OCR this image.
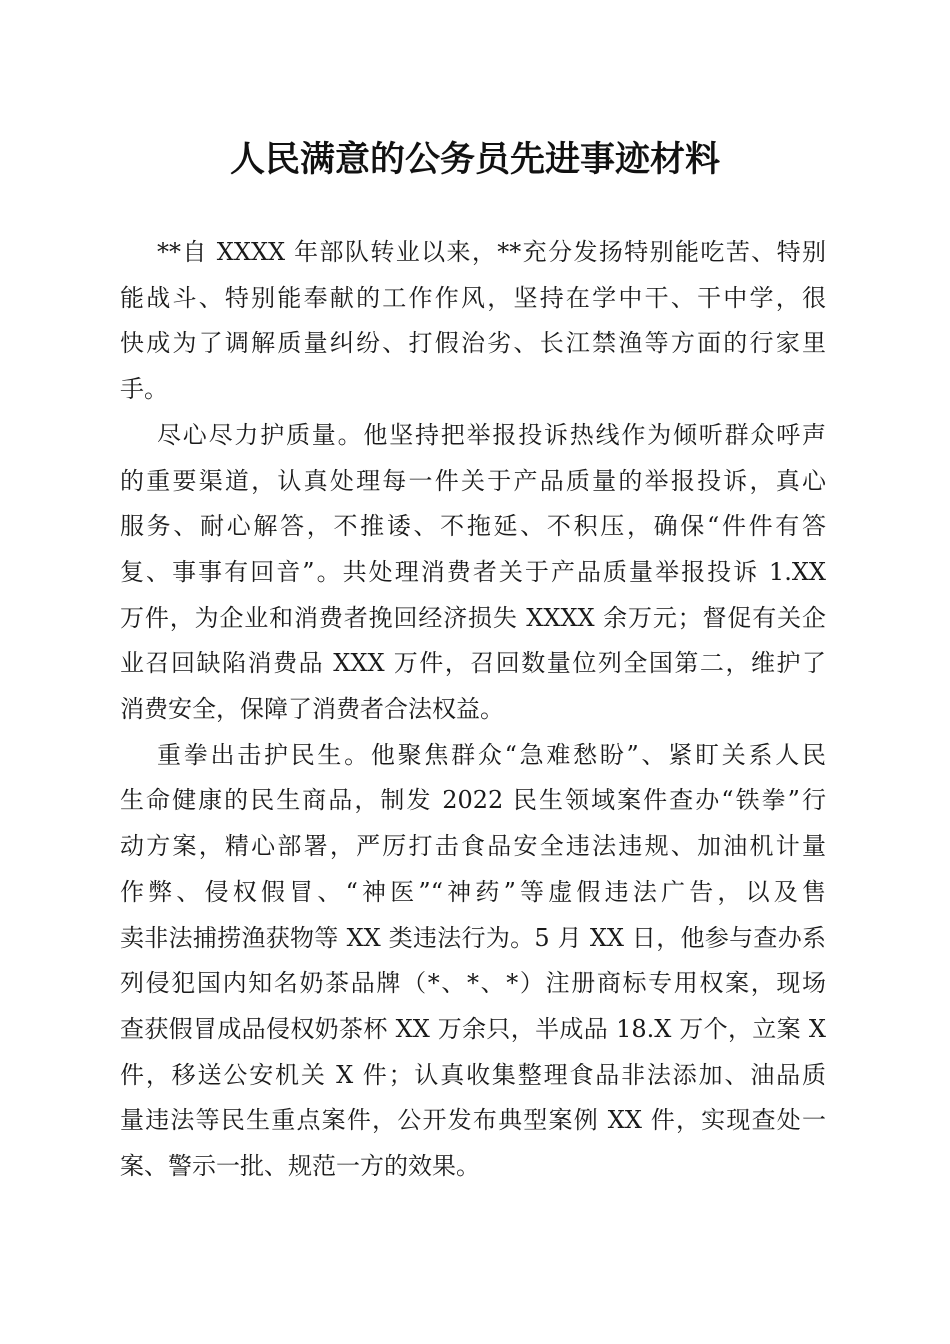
人民满意的公务员先进事迹材料
**自 XXXX 年部队转业以来，**充分发扬特别能吃苦、特别
能战斗、特别能奉献的工作作风，坚持在学中干、干中学，很
快成为了调解质量纠纷、打假治劣、长江禁渔等方面的行家里
手。
尽心尽力护质量。他坚持把举报投诉热线作为倾听群众呼声
的重要渠道，认真处理每一件关于产品质量的举报投诉，真心
服务、耐心解答，不推诿、不拖延、不积压，确保“件件有答
复、事事有回音”。共处理消费者关于产品质量举报投诉 1.XX
万件，为企业和消费者挽回经济损失 XXXX 余万元；督促有关企
业召回缺陷消费品 XXX 万件，召回数量位列全国第二，维护了
消费安全，保障了消费者合法权益。
重拳出击护民生。他聚焦群众“急难愁盼”、紧盯关系人民
生命健康的民生商品，制发 2022 民生领域案件查办“铁拳”行
动方案，精心部署，严厉打击食品安全违法违规、加油机计量
作弊、侵权假冒、“神医”“神药”等虚假违法广告，以及售
卖非法捕捞渔获物等 XX 类违法行为。5 月 XX 日，他参与查办系
列侵犯国内知名奶茶品牌（*、*、*）注册商标专用权案，现场
查获假冒成品侵权奶茶杯 XX 万余只，半成品 18.X 万个，立案 X
件，移送公安机关 X 件；认真收集整理食品非法添加、油品质
量违法等民生重点案件，公开发布典型案例 XX 件，实现查处一
案、警示一批、规范一方的效果。
